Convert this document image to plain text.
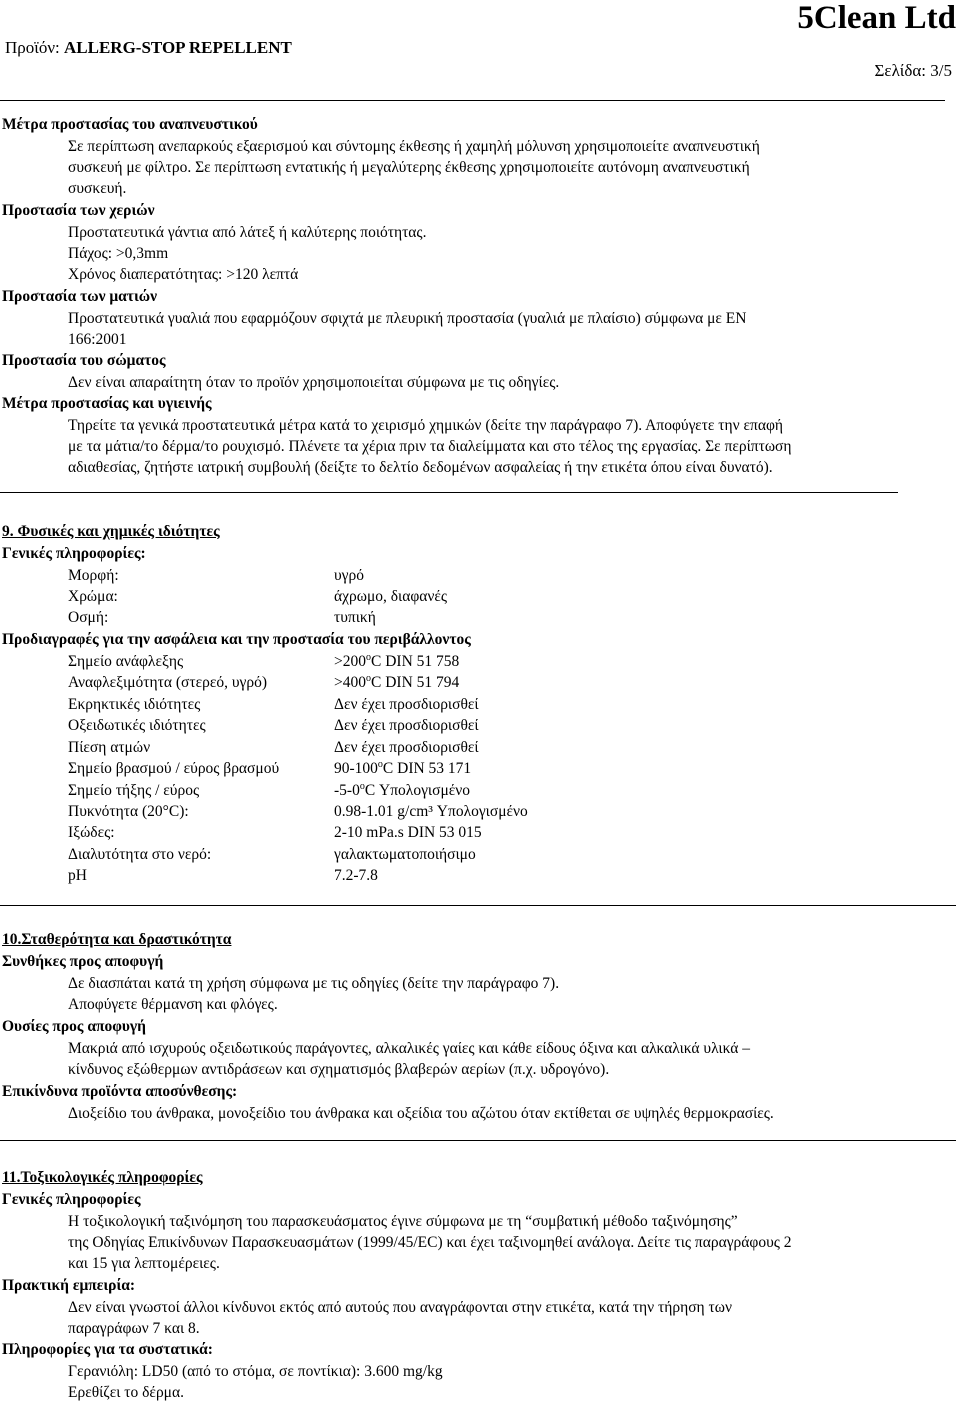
5Clean Ltd
Προϊόν: ALLERG-STOP REPELLENT
Σελίδα: 3/5
Μέτρα προστασίας του αναπνευστικού
Σε περίπτωση ανεπαρκούς εξαερισμού και σύντομης έκθεσης ή χαμηλή μόλυνση χρησιμοποιείτε αναπνευστική
συσκευή με φίλτρο. Σε περίπτωση εντατικής ή μεγαλύτερης έκθεσης χρησιμοποιείτε αυτόνομη αναπνευστική
συσκευή.
Προστασία των χεριών
Προστατευτικά γάντια από λάτεξ ή καλύτερης ποιότητας.
Πάχος: >0,3mm
Χρόνος διαπερατότητας: >120 λεπτά
Προστασία των ματιών
Προστατευτικά γυαλιά που εφαρμόζουν σφιχτά με πλευρική προστασία (γυαλιά με πλαίσιο) σύμφωνα με EN
166:2001
Προστασία του σώματος
Δεν είναι απαραίτητη όταν το προϊόν χρησιμοποιείται σύμφωνα με τις οδηγίες.
Μέτρα προστασίας και υγιεινής
Τηρείτε τα γενικά προστατευτικά μέτρα κατά το χειρισμό χημικών (δείτε την παράγραφο 7). Αποφύγετε την επαφή
με τα μάτια/το δέρμα/το ρουχισμό. Πλένετε τα χέρια πριν τα διαλείμματα και στο τέλος της εργασίας. Σε περίπτωση
αδιαθεσίας, ζητήστε ιατρική συμβουλή (δείξτε το δελτίο δεδομένων ασφαλείας ή την ετικέτα όπου είναι δυνατό).
9. Φυσικές και χημικές ιδιότητες
Γενικές πληροφορίες:
Μορφή:	υγρό
Χρώμα:	άχρωμο, διαφανές
Οσμή:	τυπική
Προδιαγραφές για την ασφάλεια και την προστασία του περιβάλλοντος
Σημείο ανάφλεξης	$>200^oC$ DIN 51 758
Αναφλεξιμότητα (στερεό, υγρό)	$>400^oC$ DIN 51 794
Εκρηκτικές ιδιότητες	Δεν έχει προσδιορισθεί
Οξειδωτικές ιδιότητες	Δεν έχει προσδιορισθεί
Πίεση ατμών	Δεν έχει προσδιορισθεί
Σημείο βρασμού / εύρος βρασμού	90-100$^o$C DIN 53 171
Σημείο τήξης / εύρος	-5-0$^o$C Υπολογισμένο
Πυκνότητα (20°C):	0.98-1.01 g/cm³ Υπολογισμένο
Ιξώδες:	2-10 mPa.s DIN 53 015
Διαλυτότητα στο νερό:	γαλακτωματοποιήσιμο
pH	7.2-7.8
10.Σταθερότητα και δραστικότητα
Συνθήκες προς αποφυγή
Δε διασπάται κατά τη χρήση σύμφωνα με τις οδηγίες (δείτε την παράγραφο 7).
Αποφύγετε θέρμανση και φλόγες.
Ουσίες προς αποφυγή
Μακριά από ισχυρούς οξειδωτικούς παράγοντες, αλκαλικές γαίες και κάθε είδους όξινα και αλκαλικά υλικά –
κίνδυνος εξώθερμων αντιδράσεων και σχηματισμός βλαβερών αερίων (π.χ. υδρογόνο).
Επικίνδυνα προϊόντα αποσύνθεσης:
Διοξείδιο του άνθρακα, μονοξείδιο του άνθρακα και οξείδια του αζώτου όταν εκτίθεται σε υψηλές θερμοκρασίες.
11.Τοξικολογικές πληροφορίες
Γενικές πληροφορίες
Η τοξικολογική ταξινόμηση του παρασκευάσματος έγινε σύμφωνα με τη “συμβατική μέθοδο ταξινόμησης”
της Οδηγίας Επικίνδυνων Παρασκευασμάτων (1999/45/EC) και έχει ταξινομηθεί ανάλογα. Δείτε τις παραγράφους 2
και 15 για λεπτομέρειες.
Πρακτική εμπειρία:
Δεν είναι γνωστοί άλλοι κίνδυνοι εκτός από αυτούς που αναγράφονται στην ετικέτα, κατά την τήρηση των
παραγράφων 7 και 8.
Πληροφορίες για τα συστατικά:
Γερανιόλη: LD50 (από το στόμα, σε ποντίκια): 3.600 mg/kg
Ερεθίζει το δέρμα.
